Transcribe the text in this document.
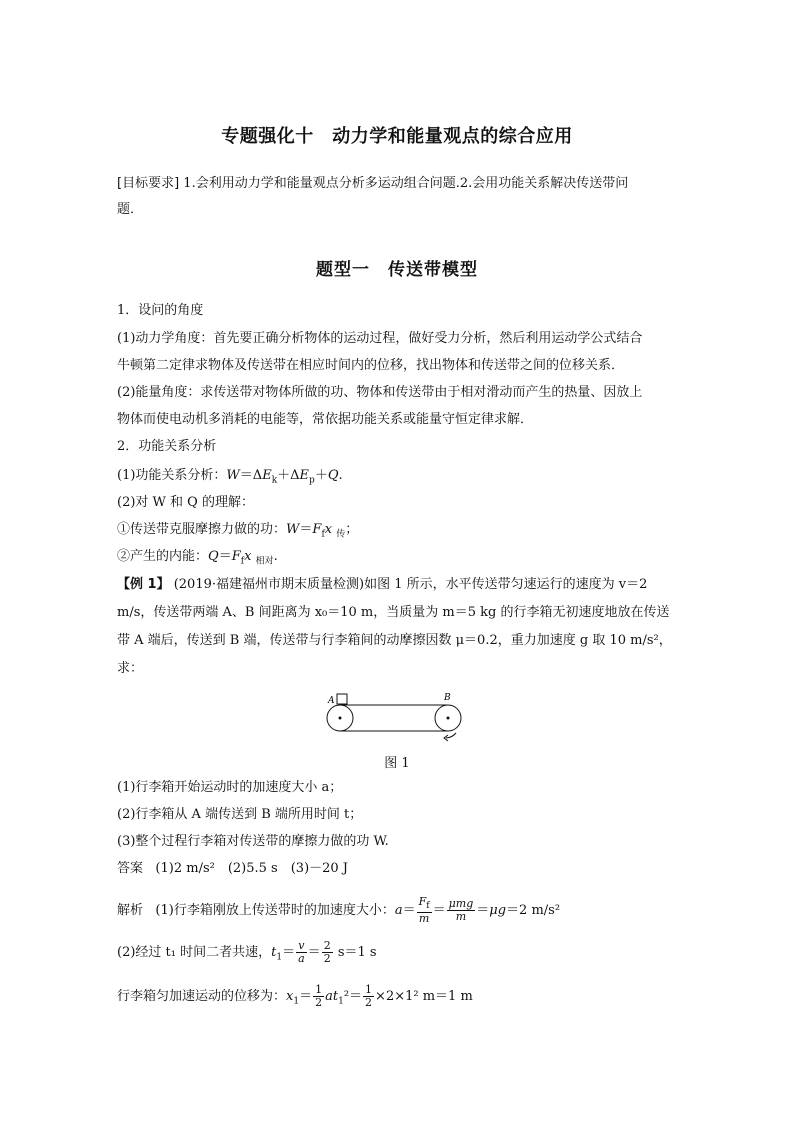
专题强化十　动力学和能量观点的综合应用
[目标要求] 1.会利用动力学和能量观点分析多运动组合问题.2.会用功能关系解决传送带问
题．
题型一　传送带模型
1．设问的角度
(1)动力学角度：首先要正确分析物体的运动过程，做好受力分析，然后利用运动学公式结合
牛顿第二定律求物体及传送带在相应时间内的位移，找出物体和传送带之间的位移关系．
(2)能量角度：求传送带对物体所做的功、物体和传送带由于相对滑动而产生的热量、因放上
物体而使电动机多消耗的电能等，常依据功能关系或能量守恒定律求解．
2．功能关系分析
(1)功能关系分析：$W=\Delta E_k+\Delta E_p+Q$.
(2)对 W 和 Q 的理解：
①传送带克服摩擦力做的功：$W=F_fx$ $_传$；
②产生的内能：$Q=F_fx$ $_{相对}$.
【例 1】 (2019·福建福州市期末质量检测)如图 1 所示，水平传送带匀速运行的速度为 v＝2
m/s，传送带两端 A、B 间距离为 x₀＝10 m，当质量为 m＝5 kg 的行李箱无初速度地放在传送
带 A 端后，传送到 B 端，传送带与行李箱间的动摩擦因数 μ＝0.2，重力加速度 g 取 10 m/s²，
求：
A	B
图 1
(1)行李箱开始运动时的加速度大小 a；
(2)行李箱从 A 端传送到 B 端所用时间 t；
(3)整个过程行李箱对传送带的摩擦力做的功 W.
答案 (1)2 m/s²　(2)5.5 s　(3)－20 J
解析 (1)行李箱刚放上传送带时的加速度大小：$a= \frac{F_f}{m} = \frac{\text{μmg}}{m} =\mu g=2$ m/s²
(2)经过 t₁ 时间二者共速，$t_1= \frac{v}{a} = \frac{2}{2} s=1$ s
行李箱匀加速运动的位移为：$x_1= \frac{1}{2} at_1^2= \frac{1}{2} \times 2\times 1^2$ m＝1 m
